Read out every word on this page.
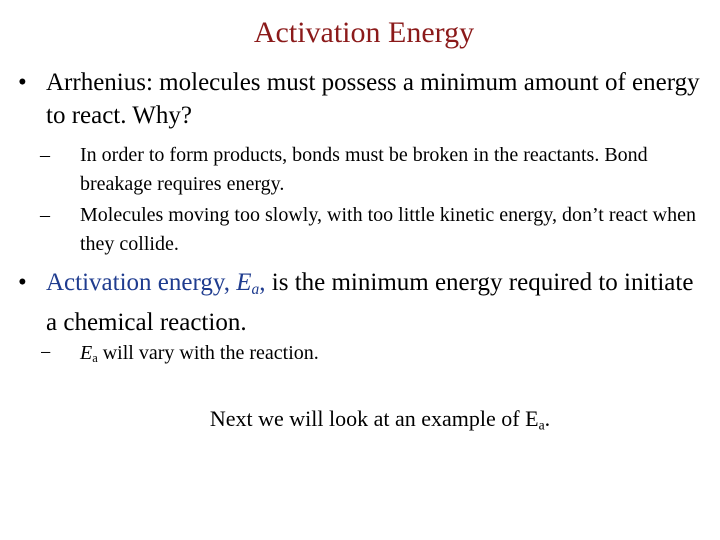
Activation Energy
• Arrhenius: molecules must possess a minimum amount of energy to react. Why?
– In order to form products, bonds must be broken in the reactants. Bond breakage requires energy.
– Molecules moving too slowly, with too little kinetic energy, don’t react when they collide.
• Activation energy, $E_a$, is the minimum energy required to initiate a chemical reaction.
− $E_a$ will vary with the reaction.
Next we will look at an example of $E_a$.
